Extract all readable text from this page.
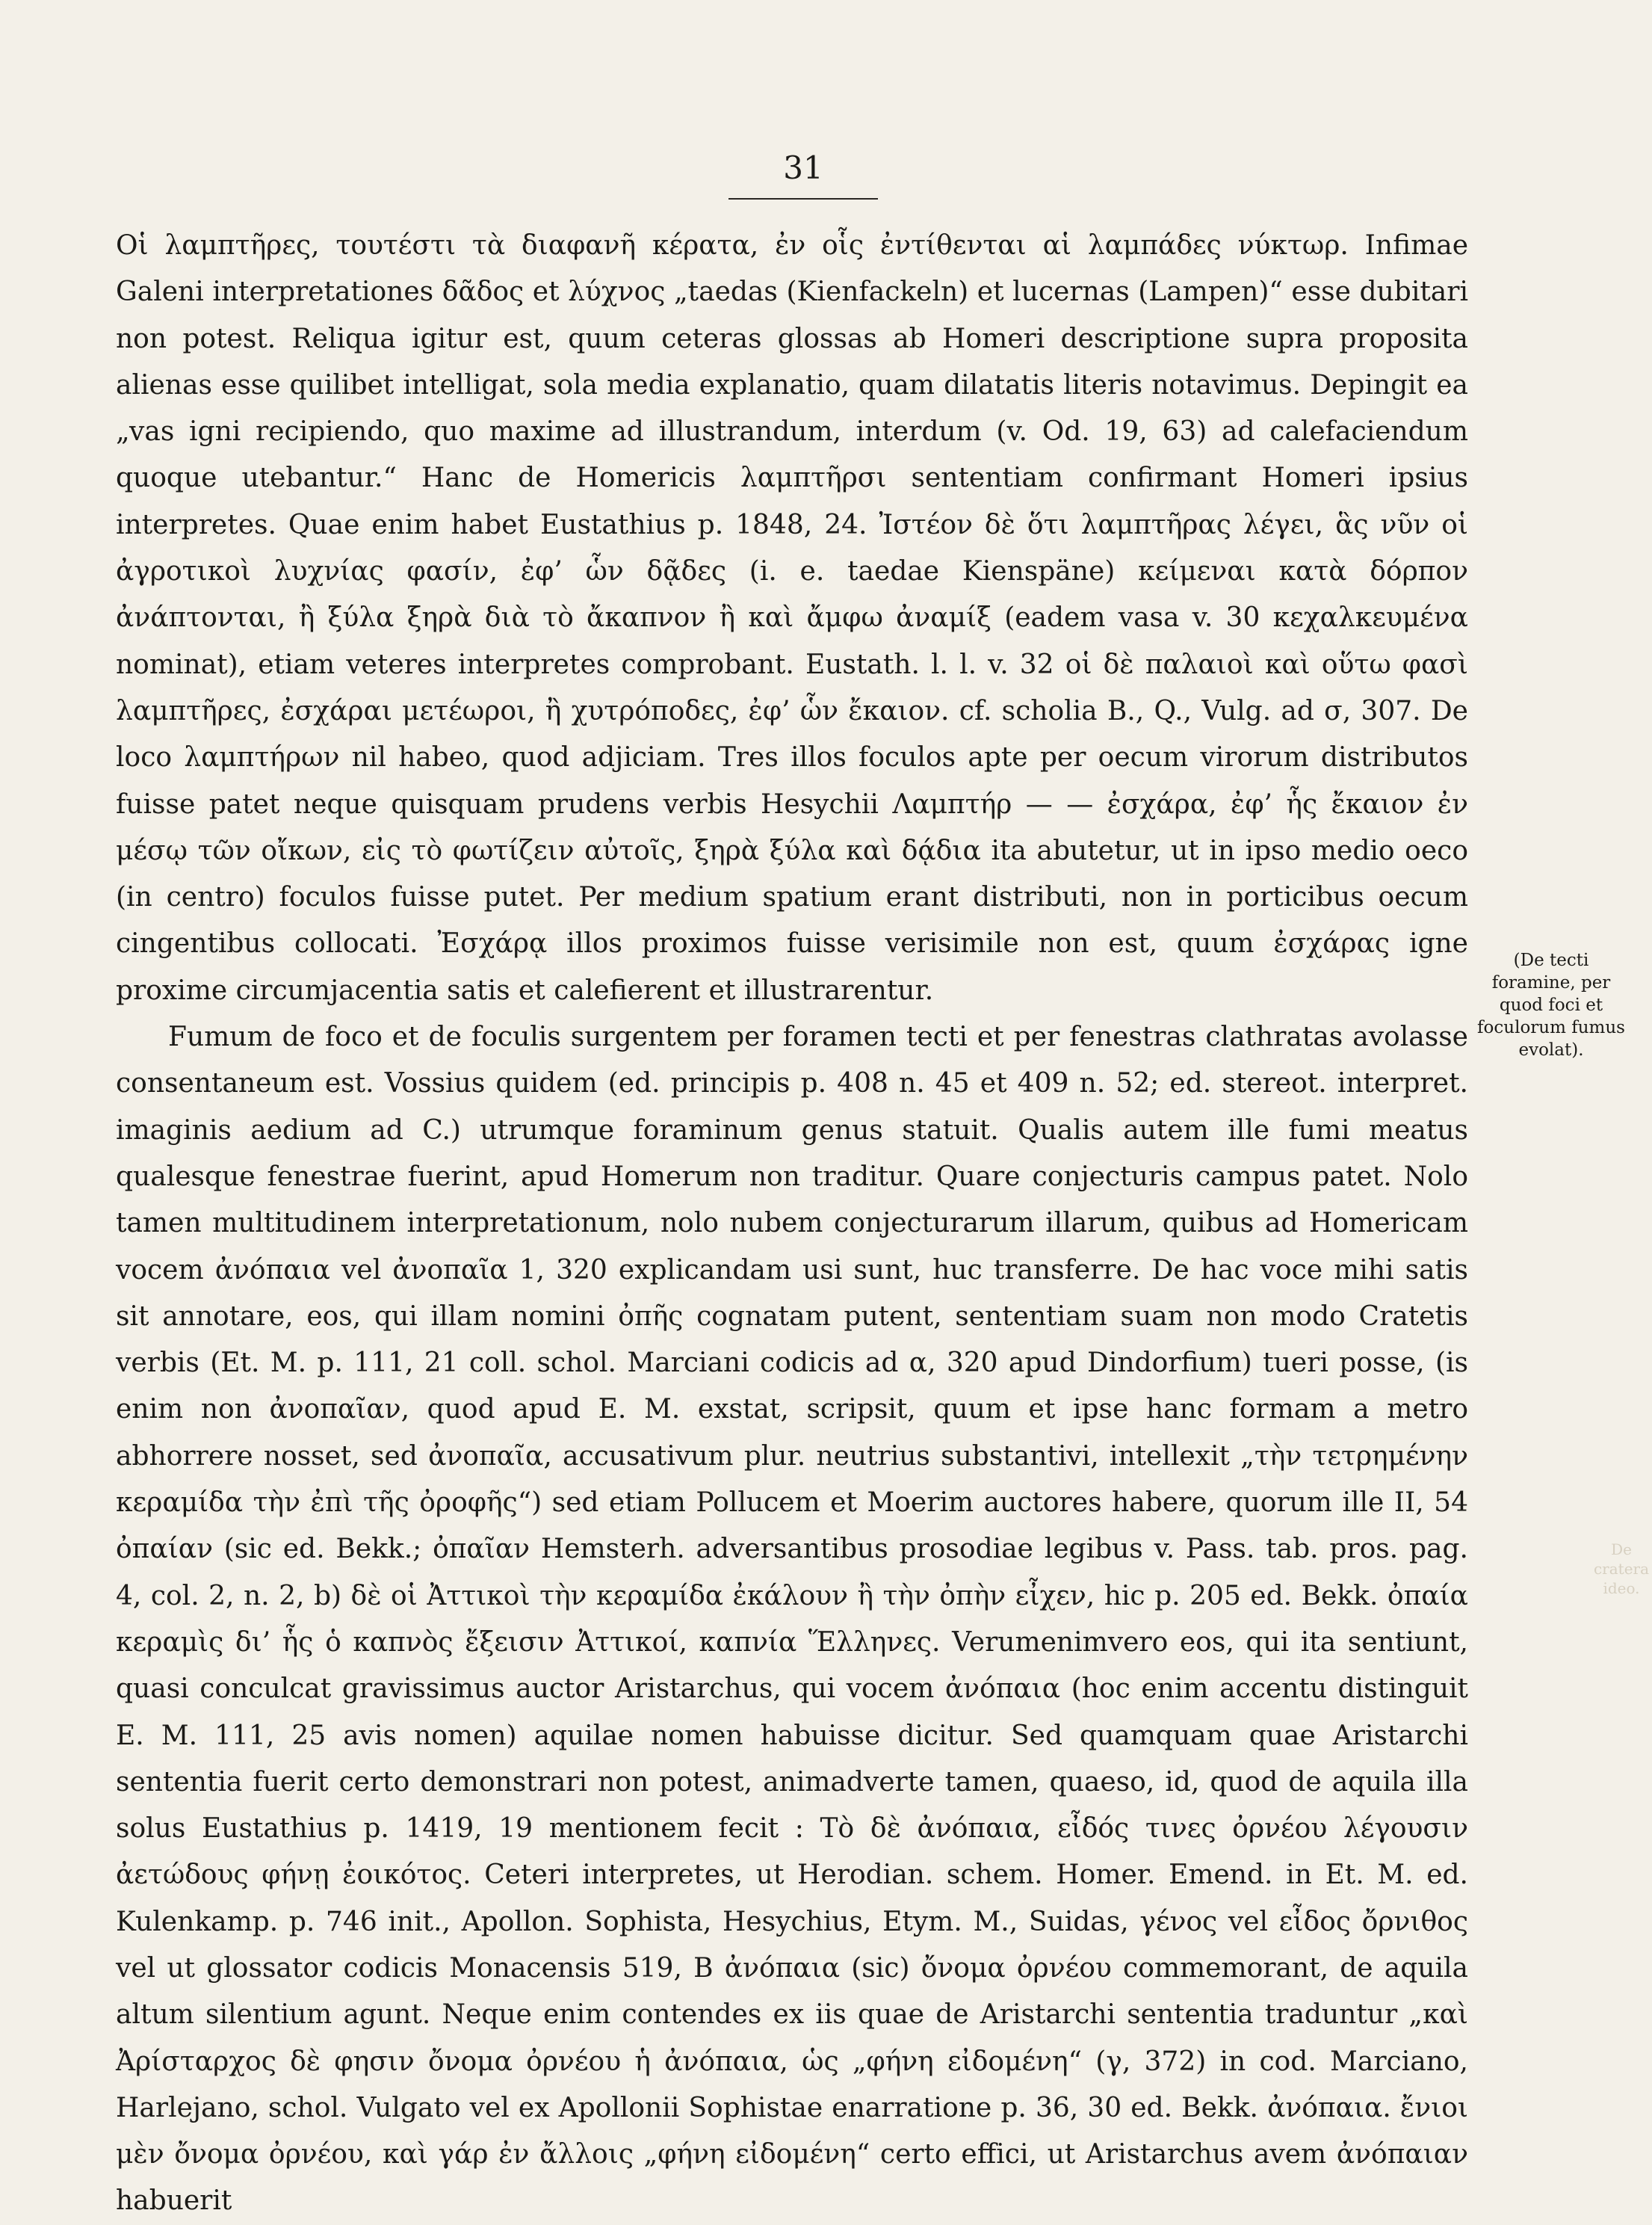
31

Οἱ λαμπτῆρες, τουτέστι τὰ διαφανῆ κέρατα, ἐν οἷς ἐντίθενται αἱ λαμπάδες νύκτωρ. Infimae Galeni interpretationes δᾶδος et λύχνος „taedas (Kienfackeln) et lucernas (Lampen)“ esse dubitari non potest. Reliqua igitur est, quum ceteras glossas ab Homeri descriptione supra proposita alienas esse quilibet intelligat, sola media explanatio, quam dilatatis literis notavimus. Depingit ea „vas igni recipiendo, quo maxime ad illustrandum, interdum (v. Od. 19, 63) ad calefaciendum quoque utebantur.“ Hanc de Homericis λαμπτῆρσι sententiam confirmant Homeri ipsius interpretes. Quae enim habet Eustathius p. 1848, 24. Ἰστέον δὲ ὅτι λαμπτῆρας λέγει, ἃς νῦν οἱ ἀγροτικοὶ λυχνίας φασίν, ἐφ’ ὧν δᾷδες (i. e. taedae Kienspäne) κείμεναι κατὰ δόρπον ἀνάπτονται, ἢ ξύλα ξηρὰ διὰ τὸ ἄκαπνον ἢ καὶ ἄμφω ἀναμίξ (eadem vasa v. 30 κεχαλκευμένα nominat), etiam veteres interpretes comprobant. Eustath. l. l. v. 32 οἱ δὲ παλαιοὶ καὶ οὕτω φασὶ λαμπτῆρες, ἐσχάραι μετέωροι, ἢ χυτρόποδες, ἐφ’ ὧν ἔκαιον. cf. scholia B., Q., Vulg. ad σ, 307. De loco λαμπτήρων nil habeo, quod adjiciam. Tres illos foculos apte per oecum virorum distributos fuisse patet neque quisquam prudens verbis Hesychii Λαμπτήρ — — ἐσχάρα, ἐφ’ ἧς ἔκαιον ἐν μέσῳ τῶν οἴκων, εἰς τὸ φωτίζειν αὐτοῖς, ξηρὰ ξύλα καὶ δᾴδια ita abutetur, ut in ipso medio oeco (in centro) foculos fuisse putet. Per medium spatium erant distributi, non in porticibus oecum cingentibus collocati. Ἐσχάρᾳ illos proximos fuisse verisimile non est, quum ἐσχάρας igne proxime circumjacentia satis et calefierent et illustrarentur.

Fumum de foco et de foculis surgentem per foramen tecti et per fenestras clathratas avolasse consentaneum est. Vossius quidem (ed. principis p. 408 n. 45 et 409 n. 52; ed. stereot. interpret. imaginis aedium ad C.) utrumque foraminum genus statuit. Qualis autem ille fumi meatus qualesque fenestrae fuerint, apud Homerum non traditur. Quare conjecturis campus patet. Nolo tamen multitudinem interpretationum, nolo nubem conjecturarum illarum, quibus ad Homericam vocem ἀνόπαια vel ἀνοπαῖα 1, 320 explicandam usi sunt, huc transferre. De hac voce mihi satis sit annotare, eos, qui illam nomini ὀπῆς cognatam putent, sententiam suam non modo Cratetis verbis (Et. M. p. 111, 21 coll. schol. Marciani codicis ad α, 320 apud Dindorfium) tueri posse, (is enim non ἀνοπαῖαν, quod apud E. M. exstat, scripsit, quum et ipse hanc formam a metro abhorrere nosset, sed ἀνοπαῖα, accusativum plur. neutrius substantivi, intellexit „τὴν τετρημένην κεραμίδα τὴν ἐπὶ τῆς ὀροφῆς“) sed etiam Pollucem et Moerim auctores habere, quorum ille II, 54 ὀπαίαν (sic ed. Bekk.; ὀπαῖαν Hemsterh. adversantibus prosodiae legibus v. Pass. tab. pros. pag. 4, col. 2, n. 2, b) δὲ οἱ Ἀττικοὶ τὴν κεραμίδα ἐκάλουν ἢ τὴν ὀπὴν εἶχεν, hic p. 205 ed. Bekk. ὀπαία κεραμὶς δι’ ἧς ὁ καπνὸς ἔξεισιν Ἀττικοί, καπνία Ἕλληνες. Verumenimvero eos, qui ita sentiunt, quasi conculcat gravissimus auctor Aristarchus, qui vocem ἀνόπαια (hoc enim accentu distinguit E. M. 111, 25 avis nomen) aquilae nomen habuisse dicitur. Sed quamquam quae Aristarchi sententia fuerit certo demonstrari non potest, animadverte tamen, quaeso, id, quod de aquila illa solus Eustathius p. 1419, 19 mentionem fecit : Τὸ δὲ ἀνόπαια, εἶδός τινες ὀρνέου λέγουσιν ἀετώδους φήνῃ ἐοικότος. Ceteri interpretes, ut Herodian. schem. Homer. Emend. in Et. M. ed. Kulenkamp. p. 746 init., Apollon. Sophista, Hesychius, Etym. M., Suidas, γένος vel εἶδος ὄρνιθος vel ut glossator codicis Monacensis 519, B ἀνόπαια (sic) ὄνομα ὀρνέου commemorant, de aquila altum silentium agunt. Neque enim contendes ex iis quae de Aristarchi sententia traduntur „καὶ Ἀρίσταρχος δὲ φησιν ὄνομα ὀρνέου ἡ ἀνόπαια, ὡς „φήνη εἰδομένη“ (γ, 372) in cod. Marciano, Harlejano, schol. Vulgato vel ex Apollonii Sophistae enarratione p. 36, 30 ed. Bekk. ἀνόπαια. ἔνιοι μὲν ὄνομα ὀρνέου, καὶ γάρ ἐν ἄλλοις „φήνη εἰδομένη“ certo effici, ut Aristarchus avem ἀνόπαιαν habuerit

(De tecti foramine, per quod foci et foculorum fumus evolat).
De cratera ideo.
